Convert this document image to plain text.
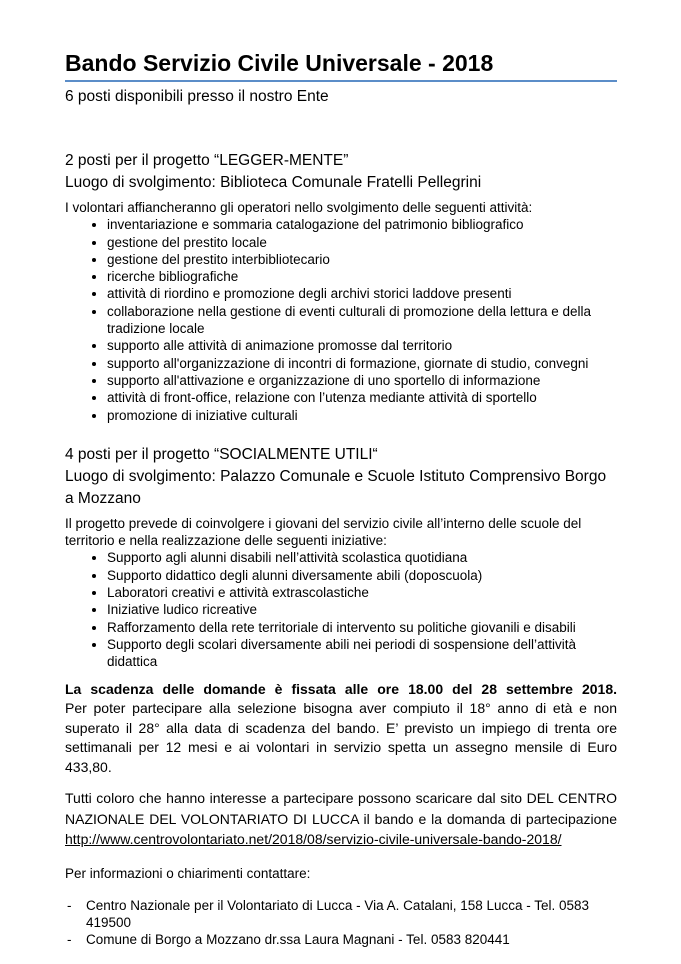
Bando Servizio Civile Universale - 2018

6 posti disponibili presso il nostro Ente

2 posti per il progetto “LEGGER-MENTE”

Luogo di svolgimento: Biblioteca Comunale Fratelli Pellegrini

I volontari affiancheranno gli operatori nello svolgimento delle seguenti attività:

• inventariazione e sommaria catalogazione del patrimonio bibliografico
• gestione del prestito locale
• gestione del prestito interbibliotecario
• ricerche bibliografiche
• attività di riordino e promozione degli archivi storici laddove presenti
• collaborazione nella gestione di eventi culturali di promozione della lettura e della tradizione locale
• supporto alle attività di animazione promosse dal territorio
• supporto all'organizzazione di incontri di formazione, giornate di studio, convegni
• supporto all'attivazione e organizzazione di uno sportello di informazione
• attività di front-office, relazione con l’utenza mediante attività di sportello
• promozione di iniziative culturali

4 posti per il progetto “SOCIALMENTE UTILI“

Luogo di svolgimento: Palazzo Comunale e Scuole Istituto Comprensivo Borgo a Mozzano

Il progetto prevede di coinvolgere i giovani del servizio civile all’interno delle scuole del territorio e nella realizzazione delle seguenti iniziative:

• Supporto agli alunni disabili nell’attività scolastica quotidiana
• Supporto didattico degli alunni diversamente abili (doposcuola)
• Laboratori creativi e attività extrascolastiche
• Iniziative ludico ricreative
• Rafforzamento della rete territoriale di intervento su politiche giovanili e disabili
• Supporto degli scolari diversamente abili nei periodi di sospensione dell’attività didattica
La scadenza delle domande è fissata alle ore 18.00 del 28 settembre 2018.
Per poter partecipare alla selezione bisogna aver compiuto il 18° anno di età e non superato il 28° alla data di scadenza del bando. E’ previsto un impiego di trenta ore settimanali per 12 mesi e ai volontari in servizio spetta un assegno mensile di Euro 433,80.

Tutti coloro che hanno interesse a partecipare possono scaricare dal sito DEL CENTRO NAZIONALE DEL VOLONTARIATO DI LUCCA il bando e la domanda di partecipazione http://www.centrovolontariato.net/2018/08/servizio-civile-universale-bando-2018/

Per informazioni o chiarimenti contattare:

- Centro Nazionale per il Volontariato di Lucca - Via A. Catalani, 158 Lucca - Tel. 0583 419500
- Comune di Borgo a Mozzano dr.ssa Laura Magnani - Tel. 0583 820441
